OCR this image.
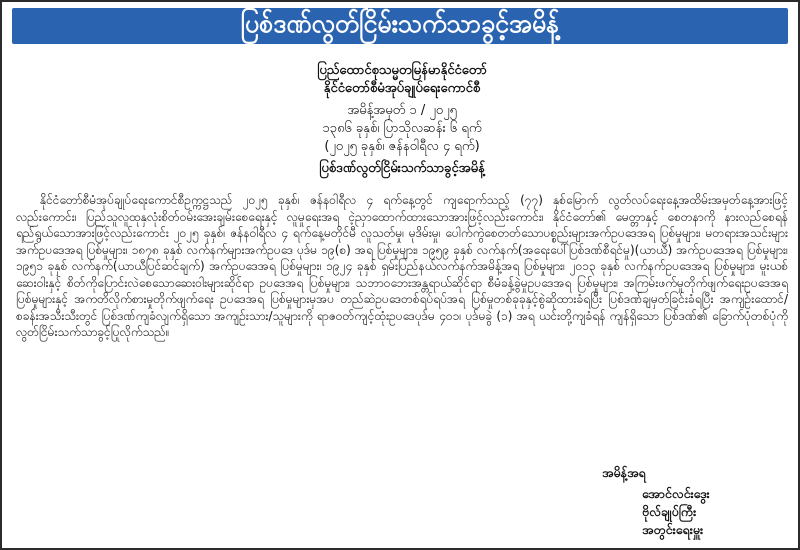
ပြစ်ဒဏ်လွတ်ငြိမ်းသက်သာခွင့်အမိန့်
ပြည်ထောင်စုသမ္မတမြန်မာနိုင်ငံတော်
နိုင်ငံတော်စီမံအုပ်ချုပ်ရေးကောင်စီ
အမိန့်အမှတ် ၁ / ၂၀၂၅
၁၃၈၆ ခုနှစ်၊ ပြာသိုလဆန်း ၆ ရက်
(၂၀၂၅ ခုနှစ်၊ ဇန်နဝါရီလ ၄ ရက်)
ပြစ်ဒဏ်လွတ်ငြိမ်းသက်သာခွင့်အမိန့်
နိုင်ငံတော်စီမံအုပ်ချုပ်ရေးကောင်စီဥက္ကဋ္ဌသည် ၂၀၂၅ ခုနှစ်၊ ဇန်နဝါရီလ ၄ ရက်နေ့တွင် ကျရောက်သည့် (၇၇) နှစ်မြောက် လွတ်လပ်ရေးနေ့အထိမ်းအမှတ်နေ့အားဖြင့်လည်းကောင်း၊ ပြည်သူလူထုနှလုံးစိတ်ဝမ်းအေးချမ်းစေရေးနှင့် လူမှုရေးအရ ငဲ့ညှာထောက်ထားသောအားဖြင့်လည်းကောင်း၊ နိုင်ငံတော်၏ မေတ္တာနှင့် စေတနာကို နားလည်စေရန် ရည်ရွယ်သောအားဖြင့်လည်းကောင်း ၂၀၂၅ ခုနှစ်၊ ဇန်နဝါရီလ ၄ ရက်နေ့မတိုင်မီ လူသတ်မှု၊ မုဒိမ်းမှု၊ ပေါက်ကွဲစေတတ်သောပစ္စည်းများအက်ဥပဒေအရ ပြစ်မှုများ၊ မတရားအသင်းများအက်ဥပဒေအရ ပြစ်မှုများ၊ ၁၈၇၈ ခုနှစ် လက်နက်များအက်ဥပဒေ ပုဒ်မ ၁၉(စ) အရ ပြစ်မှုများ၊ ၁၉၅၉ ခုနှစ် လက်နက်(အရေးပေါ်ပြစ်ဒဏ်စီရင်မှု)(ယာယီ) အက်ဥပဒေအရ ပြစ်မှုများ၊ ၁၉၅၁ ခုနှစ် လက်နက်(ယာယီပြင်ဆင်ချက်) အက်ဥပဒေအရ ပြစ်မှုများ၊ ၁၉၂၄ ခုနှစ် ရှမ်းပြည်နယ်လက်နက်အမိန့်အရ ပြစ်မှုများ၊ ၂၀၁၃ ခုနှစ် လက်နက်ဥပဒေအရ ပြစ်မှုများ၊ မူးယစ်ဆေးဝါးနှင့် စိတ်ကိုပြောင်းလဲစေသောဆေးဝါးများဆိုင်ရာ ဥပဒေအရ ပြစ်မှုများ၊ သဘာဝဘေးအန္တရာယ်ဆိုင်ရာ စီမံခန့်ခွဲမှုဥပဒေအရ ပြစ်မှုများ၊ အကြမ်းဖက်မှုတိုက်ဖျက်ရေးဥပဒေအရ ပြစ်မှုများနှင့် အကတိလိုက်စားမှုတိုက်ဖျက်ရေး ဥပဒေအရ ပြစ်မှုများမှအပ တည်ဆဲဥပဒေတစ်ရပ်ရပ်အရ ပြစ်မှုတစ်ခုခုနှင့်စွဲဆိုထားခံရပြီး ပြစ်ဒဏ်ချမှတ်ခြင်းခံရပြီး အကျဉ်းထောင်/စခန်းအသီးသီးတွင် ပြစ်ဒဏ်ကျခံလျက်ရှိသော အကျဉ်းသား/သူများကို ရာဇဝတ်ကျင့်ထုံးဥပဒေပုဒ်မ ၄၀၁၊ ပုဒ်မခွဲ (၁) အရ ယင်းတို့ကျခံရန် ကျန်ရှိသော ပြစ်ဒဏ်၏ ခြောက်ပုံတစ်ပုံကို လွတ်ငြိမ်းသက်သာခွင့်ပြုလိုက်သည်။
အမိန့်အရ
အောင်လင်းဒွေး
ဗိုလ်ချုပ်ကြီး
အတွင်းရေးမှူး
